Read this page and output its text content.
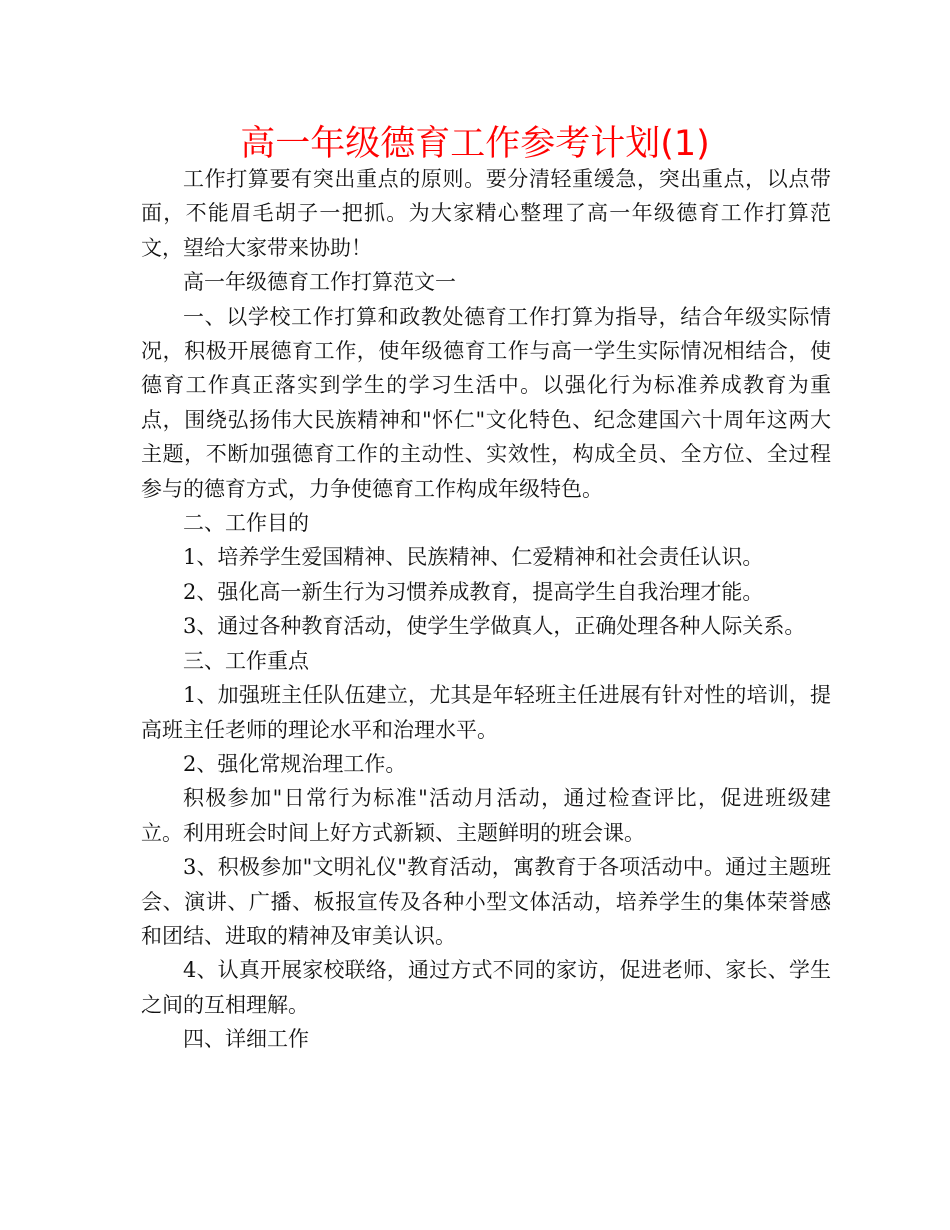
高一年级德育工作参考计划(1)

工作打算要有突出重点的原则。要分清轻重缓急，突出重点，以点带面，不能眉毛胡子一把抓。为大家精心整理了高一年级德育工作打算范文，望给大家带来协助！

高一年级德育工作打算范文一

一、以学校工作打算和政教处德育工作打算为指导，结合年级实际情况，积极开展德育工作，使年级德育工作与高一学生实际情况相结合，使德育工作真正落实到学生的学习生活中。以强化行为标准养成教育为重点，围绕弘扬伟大民族精神和"怀仁"文化特色、纪念建国六十周年这两大主题，不断加强德育工作的主动性、实效性，构成全员、全方位、全过程参与的德育方式，力争使德育工作构成年级特色。

二、工作目的

1、培养学生爱国精神、民族精神、仁爱精神和社会责任认识。

2、强化高一新生行为习惯养成教育，提高学生自我治理才能。

3、通过各种教育活动，使学生学做真人，正确处理各种人际关系。

三、工作重点

1、加强班主任队伍建立，尤其是年轻班主任进展有针对性的培训，提高班主任老师的理论水平和治理水平。

2、强化常规治理工作。

积极参加"日常行为标准"活动月活动，通过检查评比，促进班级建立。利用班会时间上好方式新颖、主题鲜明的班会课。

3、积极参加"文明礼仪"教育活动，寓教育于各项活动中。通过主题班会、演讲、广播、板报宣传及各种小型文体活动，培养学生的集体荣誉感和团结、进取的精神及审美认识。

4、认真开展家校联络，通过方式不同的家访，促进老师、家长、学生之间的互相理解。

四、详细工作
